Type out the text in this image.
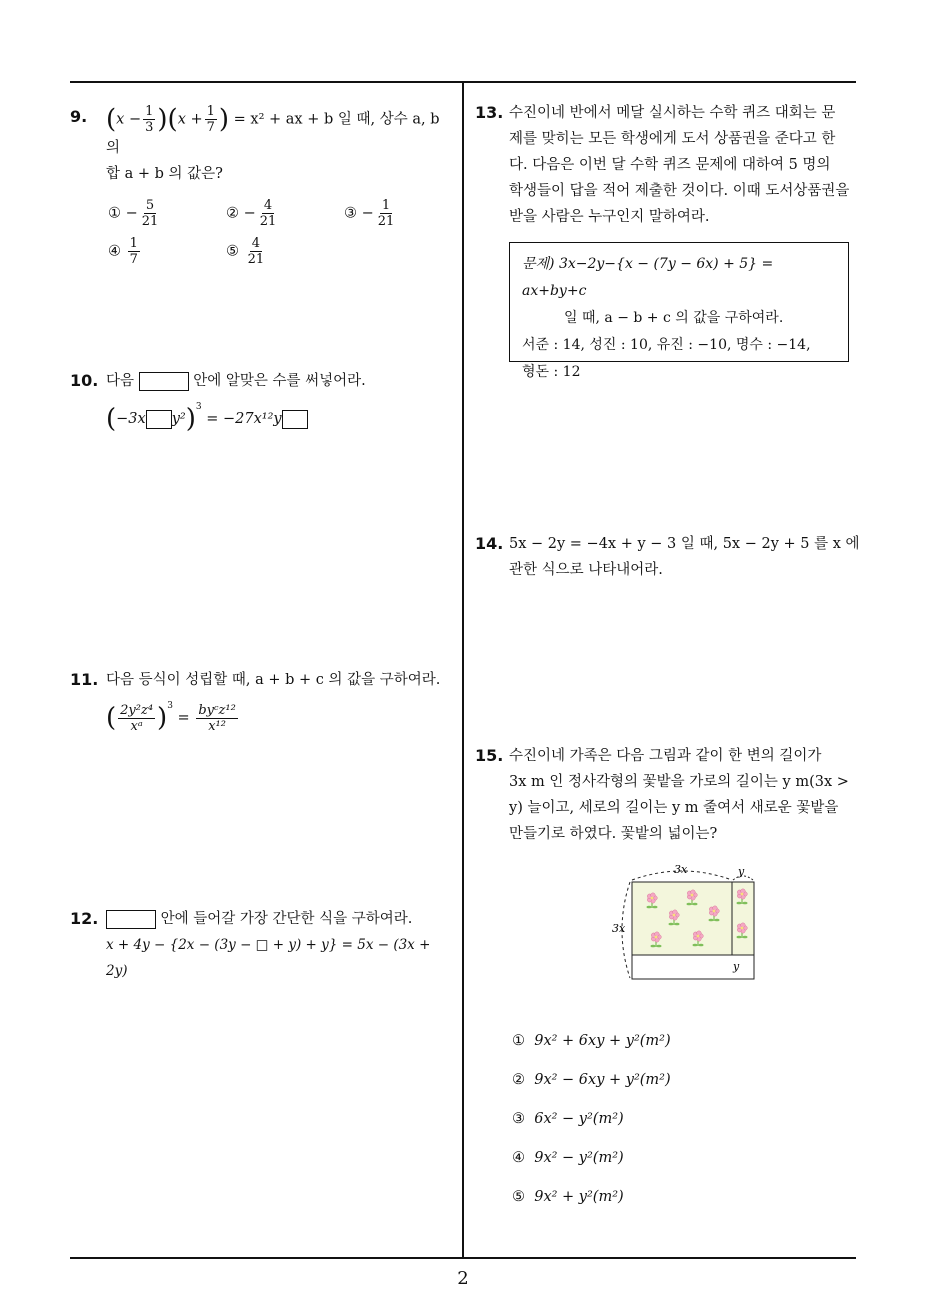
9. $(x - \frac{1}{3} )(x + \frac{1}{7}$ ) = x² + ax + b 일 때, 상수 a, b 의
합 a + b 의 값은?
① − $\frac{5}{21}$	② − $\frac{4}{21}$	③ − $\frac{1}{21}$
④ $\frac{1}{7}$	⑤ $\frac{4}{21}$
10. 다음	안에 알맞은 수를 써넣어라.
(−3x y²)$^3$ = −27x¹²y
11. 다음 등식이 성립할 때, a + b + c 의 값을 구하여라.
( $\frac{\text{2y²z⁴}}{\text{xᵃ}} )^3 = \frac{\text{byᶜz¹²}}{\text{x¹²}}$
12.	안에 들어갈 가장 간단한 식을 구하여라.
x + 4y − {2x − (3y − □ + y) + y} = 5x − (3x + 2y)
13. 수진이네 반에서 메달 실시하는 수학 퀴즈 대회는 문
제를 맞히는 모든 학생에게 도서 상품권을 준다고 한
다. 다음은 이번 달 수학 퀴즈 문제에 대하여 5 명의
학생들이 답을 적어 제출한 것이다. 이때 도서상품권을
받을 사람은 누구인지 말하여라.
문제) 3x−2y−{x − (7y − 6x) + 5} = ax+by+c
일 때, a − b + c 의 값을 구하여라.
서준 : 14, 성진 : 10, 유진 : −10, 명수 : −14,
형돈 : 12
14. 5x − 2y = −4x + y − 3 일 때, 5x − 2y + 5 를 x 에
관한 식으로 나타내어라.
15. 수진이네 가족은 다음 그림과 같이 한 변의 길이가
3x m 인 정사각형의 꽃밭을 가로의 길이는 y m(3x >
y) 늘이고, 세로의 길이는 y m 줄여서 새로운 꽃밭을
만들기로 하였다. 꽃밭의 넓이는?
3x
3x
y
y
① 9x² + 6xy + y²(m²)
② 9x² − 6xy + y²(m²)
③ 6x² − y²(m²)
④ 9x² − y²(m²)
⑤ 9x² + y²(m²)
2
